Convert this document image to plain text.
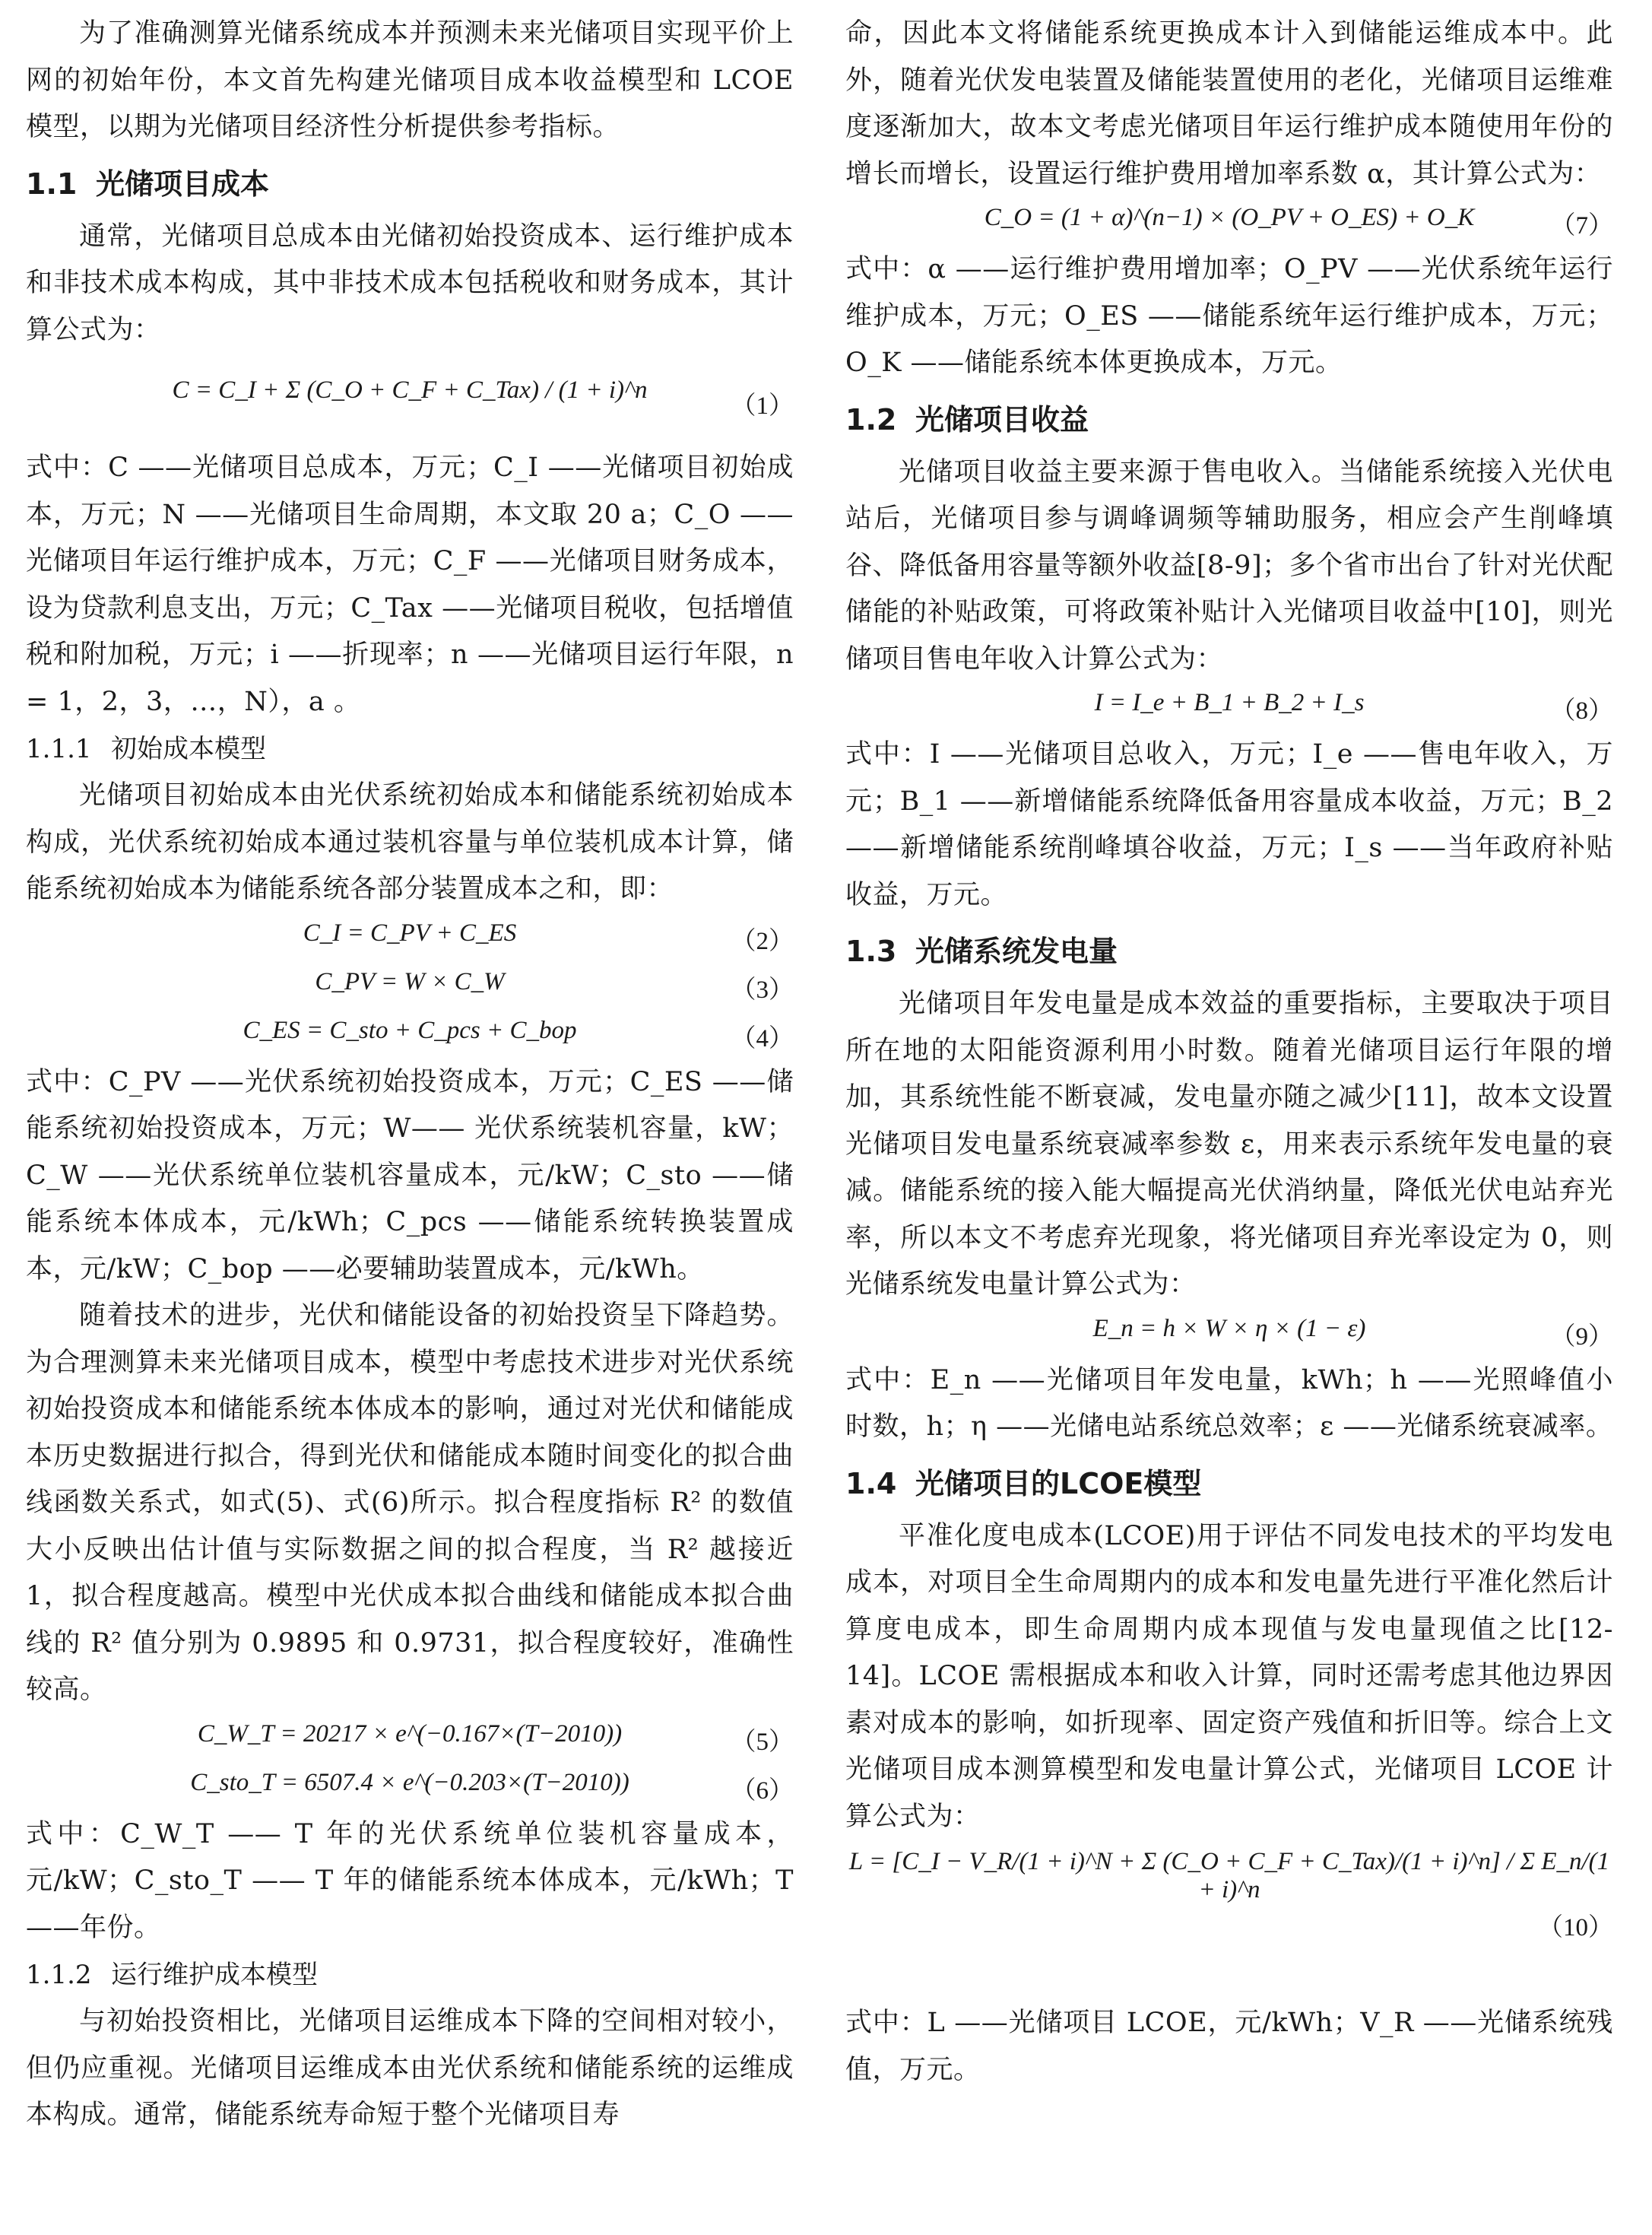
为了准确测算光储系统成本并预测未来光储项目实现平价上网的初始年份，本文首先构建光储项目成本收益模型和 LCOE 模型，以期为光储项目经济性分析提供参考指标。

1.1 光储项目成本

通常，光储项目总成本由光储初始投资成本、运行维护成本和非技术成本构成，其中非技术成本包括税收和财务成本，其计算公式为：

C = C_I + Σ (C_O + C_F + C_Tax) / (1 + i)^n
（1）

式中：C ——光储项目总成本，万元；C_I ——光储项目初始成本，万元；N ——光储项目生命周期，本文取 20 a；C_O ——光储项目年运行维护成本，万元；C_F ——光储项目财务成本，设为贷款利息支出，万元；C_Tax ——光储项目税收，包括增值税和附加税，万元；i ——折现率；n ——光储项目运行年限，n = 1，2，3，…，N），a 。

1.1.1 初始成本模型

光储项目初始成本由光伏系统初始成本和储能系统初始成本构成，光伏系统初始成本通过装机容量与单位装机成本计算，储能系统初始成本为储能系统各部分装置成本之和，即：

C_I = C_PV + C_ES	（2）
C_PV = W × C_W	（3）
C_ES = C_sto + C_pcs + C_bop	（4）

式中：C_PV ——光伏系统初始投资成本，万元；C_ES ——储能系统初始投资成本，万元；W—— 光伏系统装机容量，kW；C_W ——光伏系统单位装机容量成本，元/kW；C_sto ——储能系统本体成本，元/kWh；C_pcs ——储能系统转换装置成本，元/kW；C_bop ——必要辅助装置成本，元/kWh。

随着技术的进步，光伏和储能设备的初始投资呈下降趋势。为合理测算未来光储项目成本，模型中考虑技术进步对光伏系统初始投资成本和储能系统本体成本的影响，通过对光伏和储能成本历史数据进行拟合，得到光伏和储能成本随时间变化的拟合曲线函数关系式，如式(5)、式(6)所示。拟合程度指标 R² 的数值大小反映出估计值与实际数据之间的拟合程度，当 R² 越接近 1，拟合程度越高。模型中光伏成本拟合曲线和储能成本拟合曲线的 R² 值分别为 0.9895 和 0.9731，拟合程度较好，准确性较高。

C_W_T = 20217 × e^(−0.167×(T−2010))	（5）
C_sto_T = 6507.4 × e^(−0.203×(T−2010))	（6）

式中：C_W_T —— T 年的光伏系统单位装机容量成本，元/kW；C_sto_T —— T 年的储能系统本体成本，元/kWh；T ——年份。

1.1.2 运行维护成本模型

与初始投资相比，光储项目运维成本下降的空间相对较小，但仍应重视。光储项目运维成本由光伏系统和储能系统的运维成本构成。通常，储能系统寿命短于整个光储项目寿

命，因此本文将储能系统更换成本计入到储能运维成本中。此外，随着光伏发电装置及储能装置使用的老化，光储项目运维难度逐渐加大，故本文考虑光储项目年运行维护成本随使用年份的增长而增长，设置运行维护费用增加率系数 α，其计算公式为：

C_O = (1 + α)^(n−1) × (O_PV + O_ES) + O_K	（7）

式中：α ——运行维护费用增加率；O_PV ——光伏系统年运行维护成本，万元；O_ES ——储能系统年运行维护成本，万元；O_K ——储能系统本体更换成本，万元。

1.2 光储项目收益

光储项目收益主要来源于售电收入。当储能系统接入光伏电站后，光储项目参与调峰调频等辅助服务，相应会产生削峰填谷、降低备用容量等额外收益[8-9]；多个省市出台了针对光伏配储能的补贴政策，可将政策补贴计入光储项目收益中[10]，则光储项目售电年收入计算公式为：

I = I_e + B_1 + B_2 + I_s	（8）

式中：I ——光储项目总收入，万元；I_e ——售电年收入，万元；B_1 ——新增储能系统降低备用容量成本收益，万元；B_2 ——新增储能系统削峰填谷收益，万元；I_s ——当年政府补贴收益，万元。

1.3 光储系统发电量

光储项目年发电量是成本效益的重要指标，主要取决于项目所在地的太阳能资源利用小时数。随着光储项目运行年限的增加，其系统性能不断衰减，发电量亦随之减少[11]，故本文设置光储项目发电量系统衰减率参数 ε，用来表示系统年发电量的衰减。储能系统的接入能大幅提高光伏消纳量，降低光伏电站弃光率，所以本文不考虑弃光现象，将光储项目弃光率设定为 0，则光储系统发电量计算公式为：

E_n = h × W × η × (1 − ε)	（9）

式中：E_n ——光储项目年发电量，kWh；h ——光照峰值小时数，h；η ——光储电站系统总效率；ε ——光储系统衰减率。

1.4 光储项目的LCOE模型

平准化度电成本(LCOE)用于评估不同发电技术的平均发电成本，对项目全生命周期内的成本和发电量先进行平准化然后计算度电成本，即生命周期内成本现值与发电量现值之比[12-14]。LCOE 需根据成本和收入计算，同时还需考虑其他边界因素对成本的影响，如折现率、固定资产残值和折旧等。综合上文光储项目成本测算模型和发电量计算公式，光储项目 LCOE 计算公式为：

L = [C_I − V_R/(1 + i)^N + Σ (C_O + C_F + C_Tax)/(1 + i)^n] / Σ E_n/(1 + i)^n
（10）

式中：L ——光储项目 LCOE，元/kWh；V_R ——光储系统残值，万元。
